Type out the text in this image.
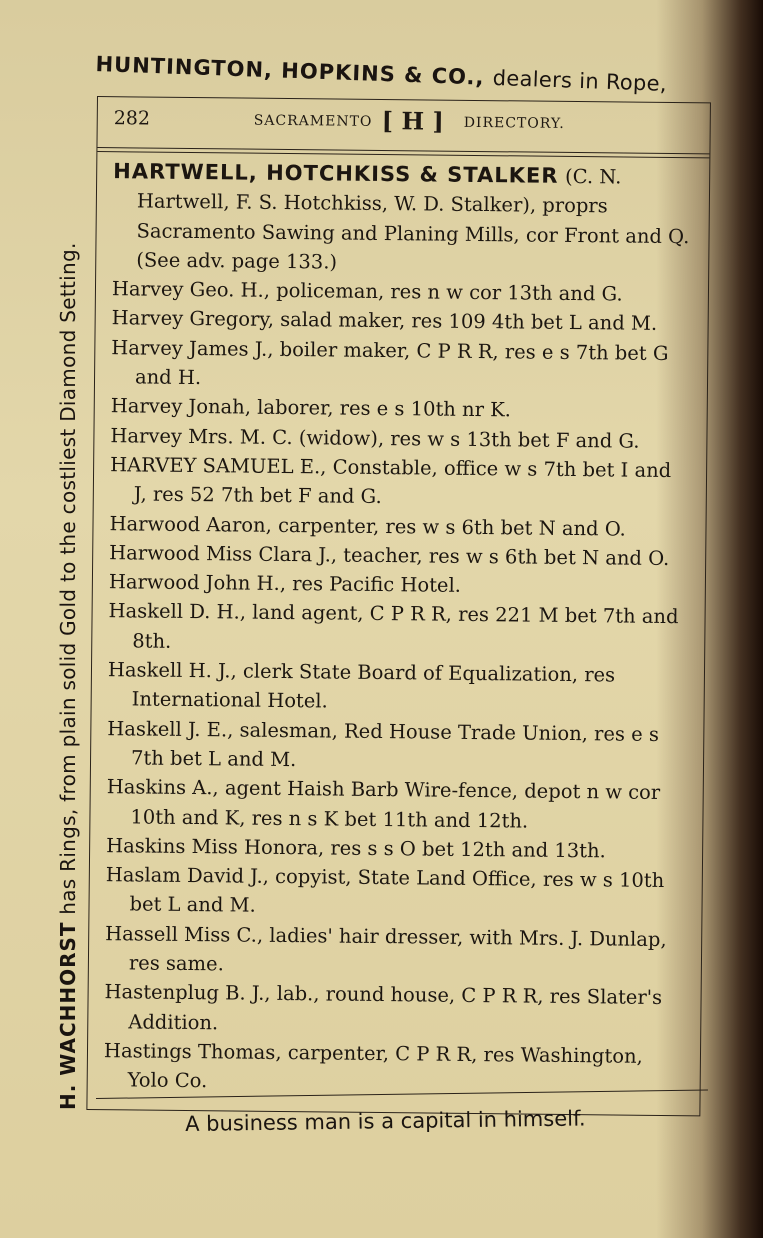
HUNTINGTON, HOPKINS & CO., dealers in Rope,
H. WACHHORST has Rings, from plain solid Gold to the costliest Diamond Setting.
282	SACRAMENTO [ H ] DIRECTORY.
HARTWELL, HOTCHKISS & STALKER (C. N. Hartwell, F. S. Hotchkiss, W. D. Stalker), proprs Sacramento Sawing and Planing Mills, cor Front and Q. (See adv. page 133.)
Harvey Geo. H., policeman, res n w cor 13th and G.
Harvey Gregory, salad maker, res 109 4th bet L and M.
Harvey James J., boiler maker, C P R R, res e s 7th bet G and H.
Harvey Jonah, laborer, res e s 10th nr K.
Harvey Mrs. M. C. (widow), res w s 13th bet F and G.
HARVEY SAMUEL E., Constable, office w s 7th bet I and J, res 52 7th bet F and G.
Harwood Aaron, carpenter, res w s 6th bet N and O.
Harwood Miss Clara J., teacher, res w s 6th bet N and O.
Harwood John H., res Pacific Hotel.
Haskell D. H., land agent, C P R R, res 221 M bet 7th and 8th.
Haskell H. J., clerk State Board of Equalization, res International Hotel.
Haskell J. E., salesman, Red House Trade Union, res e s 7th bet L and M.
Haskins A., agent Haish Barb Wire-fence, depot n w cor 10th and K, res n s K bet 11th and 12th.
Haskins Miss Honora, res s s O bet 12th and 13th.
Haslam David J., copyist, State Land Office, res w s 10th bet L and M.
Hassell Miss C., ladies' hair dresser, with Mrs. J. Dunlap, res same.
Hastenplug B. J., lab., round house, C P R R, res Slater's Addition.
Hastings Thomas, carpenter, C P R R, res Washington, Yolo Co.
A business man is a capital in himself.
